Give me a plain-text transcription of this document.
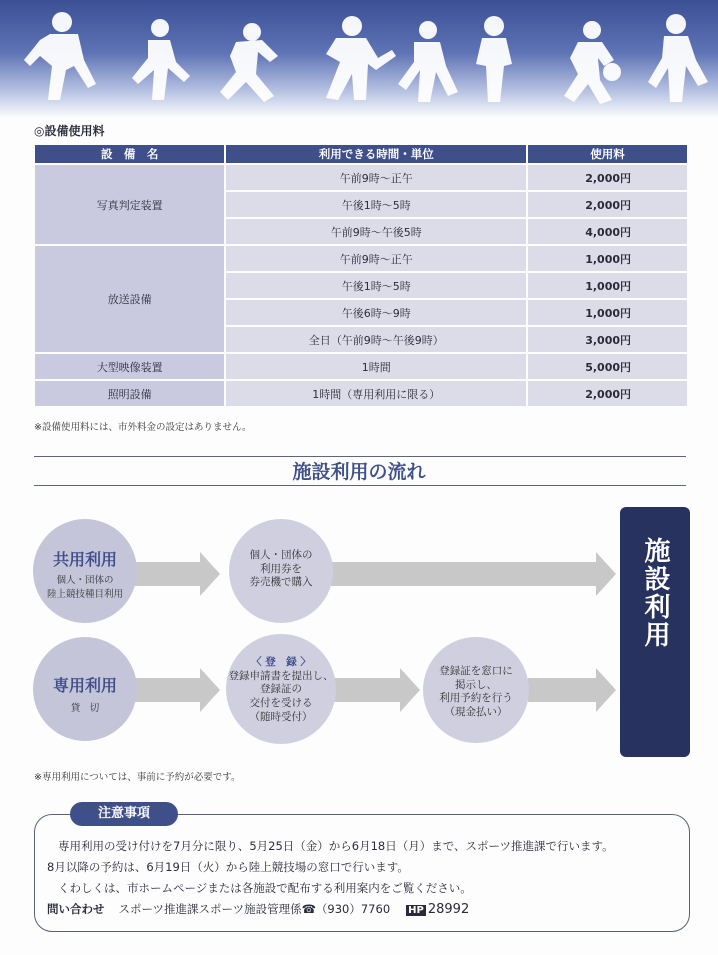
◎設備使用料
設　備　名	利用できる時間・単位	使用料
写真判定装置	午前9時～正午	2,000円
	午後1時～5時	2,000円
	午前9時～午後5時	4,000円
放送設備	午前9時～正午	1,000円
	午後1時～5時	1,000円
	午後6時～9時	1,000円
	全日（午前9時～午後9時）	3,000円
大型映像装置	1時間	5,000円
照明設備	1時間（専用利用に限る）	2,000円
※設備使用料には、市外料金の設定はありません。
施設利用の流れ
共用利用
個人・団体の
陸上競技種目利用
個人・団体の
利用券を
券売機で購入
専用利用
貸　切
〈 登　録 〉
登録申請書を提出し、
登録証の
交付を受ける
（随時受付）
登録証を窓口に
掲示し、
利用予約を行う
（現金払い）
施設利用
※専用利用については、事前に予約が必要です。
注意事項
専用利用の受け付けを7月分に限り、5月25日（金）から6月18日（月）まで、スポーツ推進課で行います。
8月以降の予約は、6月19日（火）から陸上競技場の窓口で行います。
くわしくは、市ホームページまたは各施設で配布する利用案内をご覧ください。
問い合わせ スポーツ推進課スポーツ施設管理係☎（930）7760 HP 28992
